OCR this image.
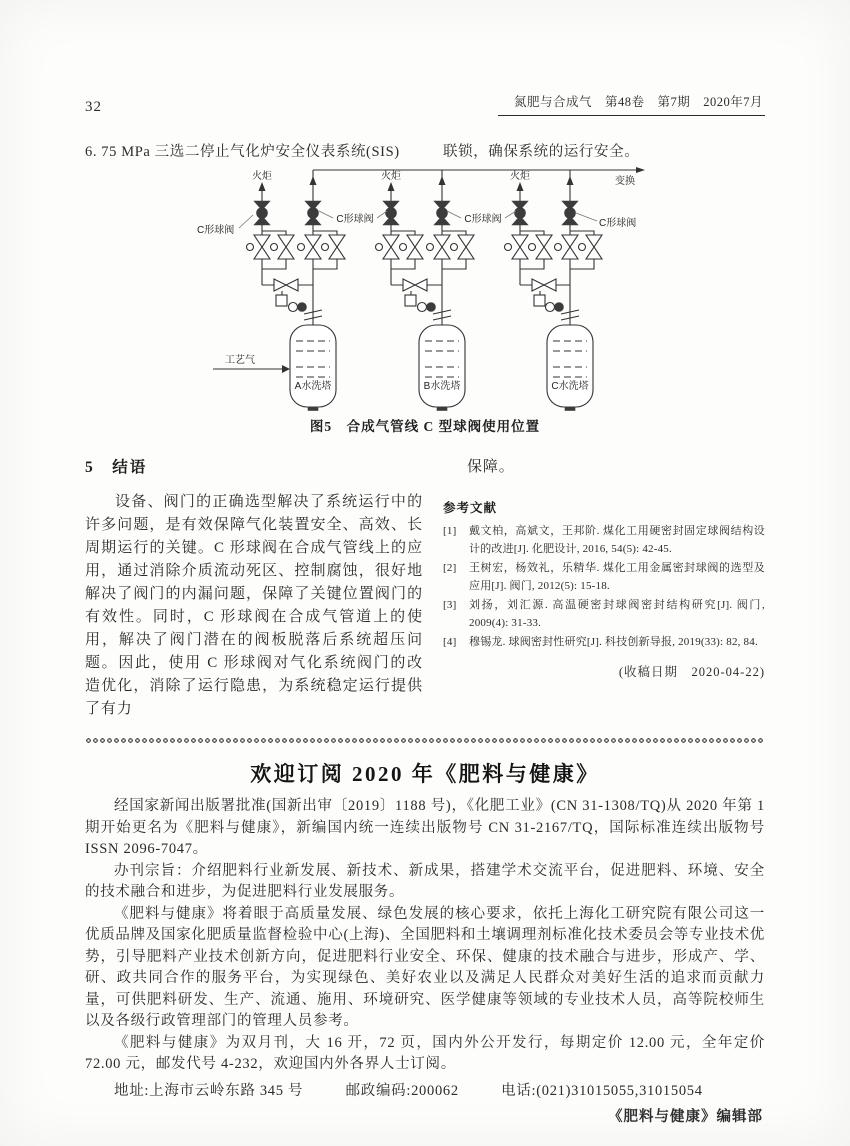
32	氮肥与合成气　第48卷　第7期　2020年7月
6. 75 MPa 三选二停止气化炉安全仪表系统(SIS)	联锁，确保系统的运行安全。
变换
火炬
A水洗塔
工艺气
火炬
B水洗塔
火炬
C水洗塔
C形球阀
C形球阀	C形球阀	C形球阀
图5　合成气管线 C 型球阀使用位置
5　结语

设备、阀门的正确选型解决了系统运行中的许多问题，是有效保障气化装置安全、高效、长周期运行的关键。C 形球阀在合成气管线上的应用，通过消除介质流动死区、控制腐蚀，很好地解决了阀门的内漏问题，保障了关键位置阀门的有效性。同时，C 形球阀在合成气管道上的使用，解决了阀门潜在的阀板脱落后系统超压问题。因此，使用 C 形球阀对气化系统阀门的改造优化，消除了运行隐患，为系统稳定运行提供了有力

保障。
参考文献
[1]	戴文柏，高斌文，王邦阶. 煤化工用硬密封固定球阀结构设计的改进[J]. 化肥设计, 2016, 54(5): 42-45.
[2]	王树宏，杨效礼，乐精华. 煤化工用金属密封球阀的选型及应用[J]. 阀门, 2012(5): 15-18.
[3]	刘扬，刘汇源. 高温硬密封球阀密封结构研究[J]. 阀门, 2009(4): 31-33.
[4]	穆锡龙. 球阀密封性研究[J]. 科技创新导报, 2019(33): 82, 84.
(收稿日期　2020-04-22)
欢迎订阅 2020 年《肥料与健康》

经国家新闻出版署批准(国新出审〔2019〕1188 号)，《化肥工业》(CN 31-1308/TQ)从 2020 年第 1 期开始更名为《肥料与健康》，新编国内统一连续出版物号 CN 31-2167/TQ，国际标准连续出版物号 ISSN 2096-7047。

办刊宗旨：介绍肥料行业新发展、新技术、新成果，搭建学术交流平台，促进肥料、环境、安全的技术融合和进步，为促进肥料行业发展服务。

《肥料与健康》将着眼于高质量发展、绿色发展的核心要求，依托上海化工研究院有限公司这一优质品牌及国家化肥质量监督检验中心(上海)、全国肥料和土壤调理剂标准化技术委员会等专业技术优势，引导肥料产业技术创新方向，促进肥料行业安全、环保、健康的技术融合与进步，形成产、学、研、政共同合作的服务平台，为实现绿色、美好农业以及满足人民群众对美好生活的追求而贡献力量，可供肥料研发、生产、流通、施用、环境研究、医学健康等领域的专业技术人员，高等院校师生以及各级行政管理部门的管理人员参考。

《肥料与健康》为双月刊，大 16 开，72 页，国内外公开发行，每期定价 12.00 元，全年定价 72.00 元，邮发代号 4-232，欢迎国内外各界人士订阅。

地址:上海市云岭东路 345 号	邮政编码:200062	电话:(021)31015055,31015054
《肥料与健康》编辑部
